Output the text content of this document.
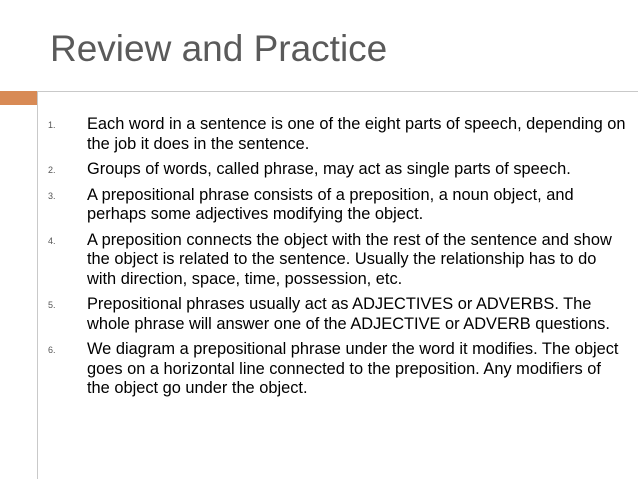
Review and Practice
1. Each word in a sentence is one of the eight parts of speech, depending on the job it does in the sentence.
2. Groups of words, called phrase, may act as single parts of speech.
3. A prepositional phrase consists of a preposition, a noun object, and perhaps some adjectives modifying the object.
4. A preposition connects the object with the rest of the sentence and show the object is related to the sentence. Usually the relationship has to do with direction, space, time, possession, etc.
5. Prepositional phrases usually act as ADJECTIVES or ADVERBS. The whole phrase will answer one of the ADJECTIVE or ADVERB questions.
6. We diagram a prepositional phrase under the word it modifies. The object goes on a horizontal line connected to the preposition. Any modifiers of the object go under the object.
